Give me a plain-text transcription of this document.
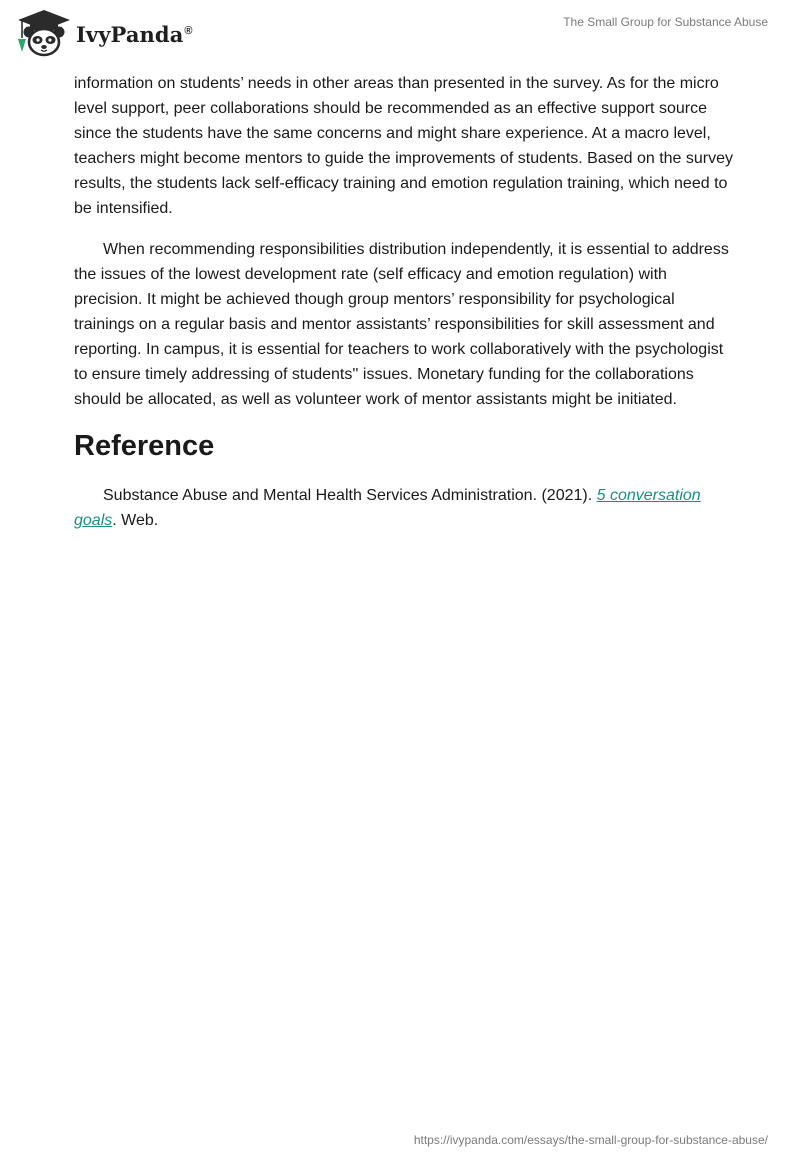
IvyPanda®
The Small Group for Substance Abuse

information on students’ needs in other areas than presented in the survey. As for the micro level support, peer collaborations should be recommended as an effective support source since the students have the same concerns and might share experience. At a macro level, teachers might become mentors to guide the improvements of students. Based on the survey results, the students lack self-efficacy training and emotion regulation training, which need to be intensified.

When recommending responsibilities distribution independently, it is essential to address the issues of the lowest development rate (self efficacy and emotion regulation) with precision. It might be achieved though group mentors’ responsibility for psychological trainings on a regular basis and mentor assistants’ responsibilities for skill assessment and reporting. In campus, it is essential for teachers to work collaboratively with the psychologist to ensure timely addressing of students'' issues. Monetary funding for the collaborations should be allocated, as well as volunteer work of mentor assistants might be initiated.

Reference

Substance Abuse and Mental Health Services Administration. (2021). 5 conversation goals. Web.

https://ivypanda.com/essays/the-small-group-for-substance-abuse/
